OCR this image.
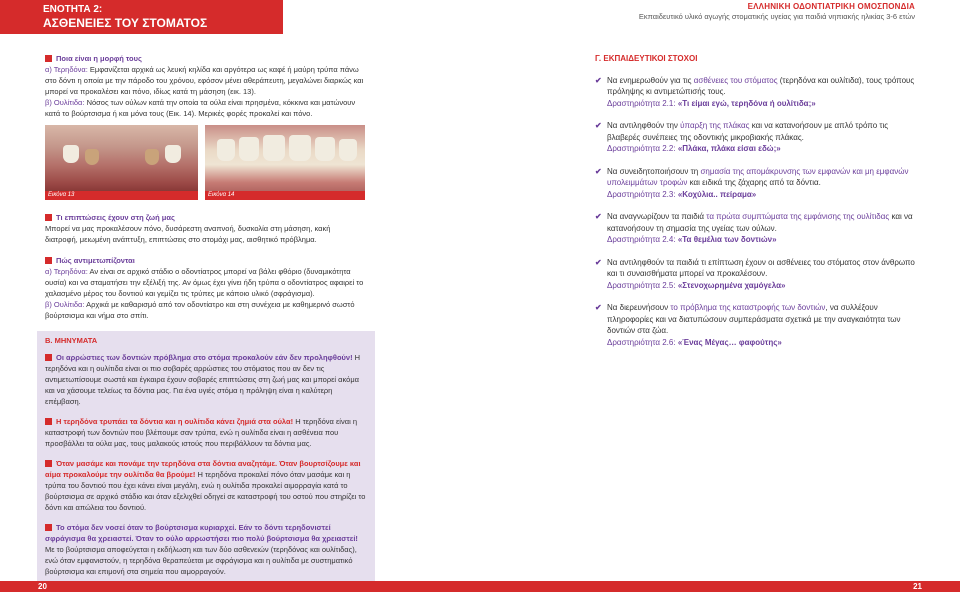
ΕΝΟΤΗΤΑ 2:
ΑΣΘΕΝΕΙΕΣ ΤΟΥ ΣΤΟΜΑΤΟΣ
ΕΛΛΗΝΙΚΗ ΟΔΟΝΤΙΑΤΡΙΚΗ ΟΜΟΣΠΟΝΔΙΑ
Εκπαιδευτικό υλικό αγωγής στοματικής υγείας για παιδιά νηπιακής ηλικίας 3-6 ετών

Ποια είναι η μορφή τους
α) Τερηδόνα: Εμφανίζεται αρχικά ως λευκή κηλίδα και αργότερα ως καφέ ή μαύρη τρύπα πάνω στο δόντι η οποία με την πάροδο του χρόνου, εφόσον μένει αθεράπευτη, μεγαλώνει διαρκώς και μπορεί να προκαλέσει και πόνο, ιδίως κατά τη μάσηση (εικ. 13).
β) Ουλίτιδα: Νόσος των ούλων κατά την οποία τα ούλα είναι πρησμένα, κόκκινα και ματώνουν κατά το βούρτσισμα ή και μόνα τους (Εικ. 14). Μερικές φορές προκαλεί και πόνο.

Εικόνα 13	Εικόνα 14

Τι επιπτώσεις έχουν στη ζωή μας
Μπορεί να μας προκαλέσουν πόνο, δυσάρεστη αναπνοή, δυσκολία στη μάσηση, κακή διατροφή, μειωμένη ανάπτυξη, επιπτώσεις στο στομάχι μας, αισθητικό πρόβλημα.

Πώς αντιμετωπίζονται
α) Τερηδόνα: Αν είναι σε αρχικό στάδιο ο οδοντίατρος μπορεί να βάλει φθόριο (δυναμικότητα ουσία) και να σταματήσει την εξέλιξή της. Αν όμως έχει γίνει ήδη τρύπα ο οδοντίατρος αφαιρεί το χαλασμένο μέρος του δοντιού και γεμίζει τις τρύπες με κάποιο υλικό (σφράγισμα).
β) Ουλίτιδα: Αρχικά με καθαρισμό από τον οδοντίατρο και στη συνέχεια με καθημερινό σωστό βούρτσισμα και νήμα στο σπίτι.

Β. ΜΗΝΥΜΑΤΑ

Οι αρρώστιες των δοντιών πρόβλημα στο στόμα προκαλούν εάν δεν προληφθούν! Η τερηδόνα και η ουλίτιδα είναι οι πιο σοβαρές αρρώστιες του στόματος που αν δεν τις αντιμετωπίσουμε σωστά και έγκαιρα έχουν σοβαρές επιπτώσεις στη ζωή μας και μπορεί ακόμα και να χάσουμε τελείως τα δόντια μας. Για ένα υγιές στόμα η πρόληψη είναι η καλύτερη επέμβαση.

Η τερηδόνα τρυπάει τα δόντια και η ουλίτιδα κάνει ζημιά στα ούλα! Η τερηδόνα είναι η καταστροφή των δοντιών που βλέπουμε σαν τρύπα, ενώ η ουλίτιδα είναι η ασθένεια που προσβάλλει τα ούλα μας, τους μαλακούς ιστούς που περιβάλλουν τα δόντια μας.

Όταν μασάμε και πονάμε την τερηδόνα στα δόντια αναζητάμε. Όταν βουρτσίζουμε και αίμα προκαλούμε την ουλίτιδα θα βρούμε! Η τερηδόνα προκαλεί πόνο όταν μασάμε και η τρύπα του δοντιού που έχει κάνει είναι μεγάλη, ενώ η ουλίτιδα προκαλεί αιμορραγία κατά το βούρτσισμα σε αρχικό στάδιο και όταν εξελιχθεί οδηγεί σε καταστροφή του οστού που στηρίζει το δόντι και απώλεια του δοντιού.

Το στόμα δεν νοσεί όταν το βούρτσισμα κυριαρχεί. Εάν το δόντι τερηδονιστεί σφράγισμα θα χρειαστεί. Όταν το ούλο αρρωστήσει πιο πολύ βούρτσισμα θα χρειαστεί! Με το βούρτσισμα αποφεύγεται η εκδήλωση και των δύο ασθενειών (τερηδόνας και ουλίτιδας), ενώ όταν εμφανιστούν, η τερηδόνα θεραπεύεται με σφράγισμα και η ουλίτιδα με συστηματικό βούρτσισμα και επιμονή στα σημεία που αιμορραγούν.

Γ. ΕΚΠΑΙΔΕΥΤΙΚΟΙ ΣΤΟΧΟΙ
✔ Να ενημερωθούν για τις ασθένειες του στόματος (τερηδόνα και ουλίτιδα), τους τρόπους πρόληψης κι αντιμετώπισής τους.
Δραστηριότητα 2.1: «Τι είμαι εγώ, τερηδόνα ή ουλίτιδα;»
✔ Να αντιληφθούν την ύπαρξη της πλάκας και να κατανοήσουν με απλό τρόπο τις βλαβερές συνέπειες της οδοντικής μικροβιακής πλάκας.
Δραστηριότητα 2.2: «Πλάκα, πλάκα είσαι εδώ;»
✔ Να συνειδητοποιήσουν τη σημασία της απομάκρυνσης των εμφανών και μη εμφανών υπολειμμάτων τροφών και ειδικά της ζάχαρης από τα δόντια.
Δραστηριότητα 2.3: «Κοχύλια.. πείραμα»
✔ Να αναγνωρίζουν τα παιδιά τα πρώτα συμπτώματα της εμφάνισης της ουλίτιδας και να κατανοήσουν τη σημασία της υγείας των ούλων.
Δραστηριότητα 2.4: «Τα θεμέλια των δοντιών»
✔ Να αντιληφθούν τα παιδιά τι επίπτωση έχουν οι ασθένειες του στόματος στον άνθρωπο και τι συναισθήματα μπορεί να προκαλέσουν.
Δραστηριότητα 2.5: «Στενοχωρημένα χαμόγελα»
✔ Να διερευνήσουν το πρόβλημα της καταστροφής των δοντιών, να συλλέξουν πληροφορίες και να διατυπώσουν συμπεράσματα σχετικά με την αναγκαιότητα των δοντιών στα ζώα.
Δραστηριότητα 2.6: «Ένας Μέγας… φαφούτης»
20	21
